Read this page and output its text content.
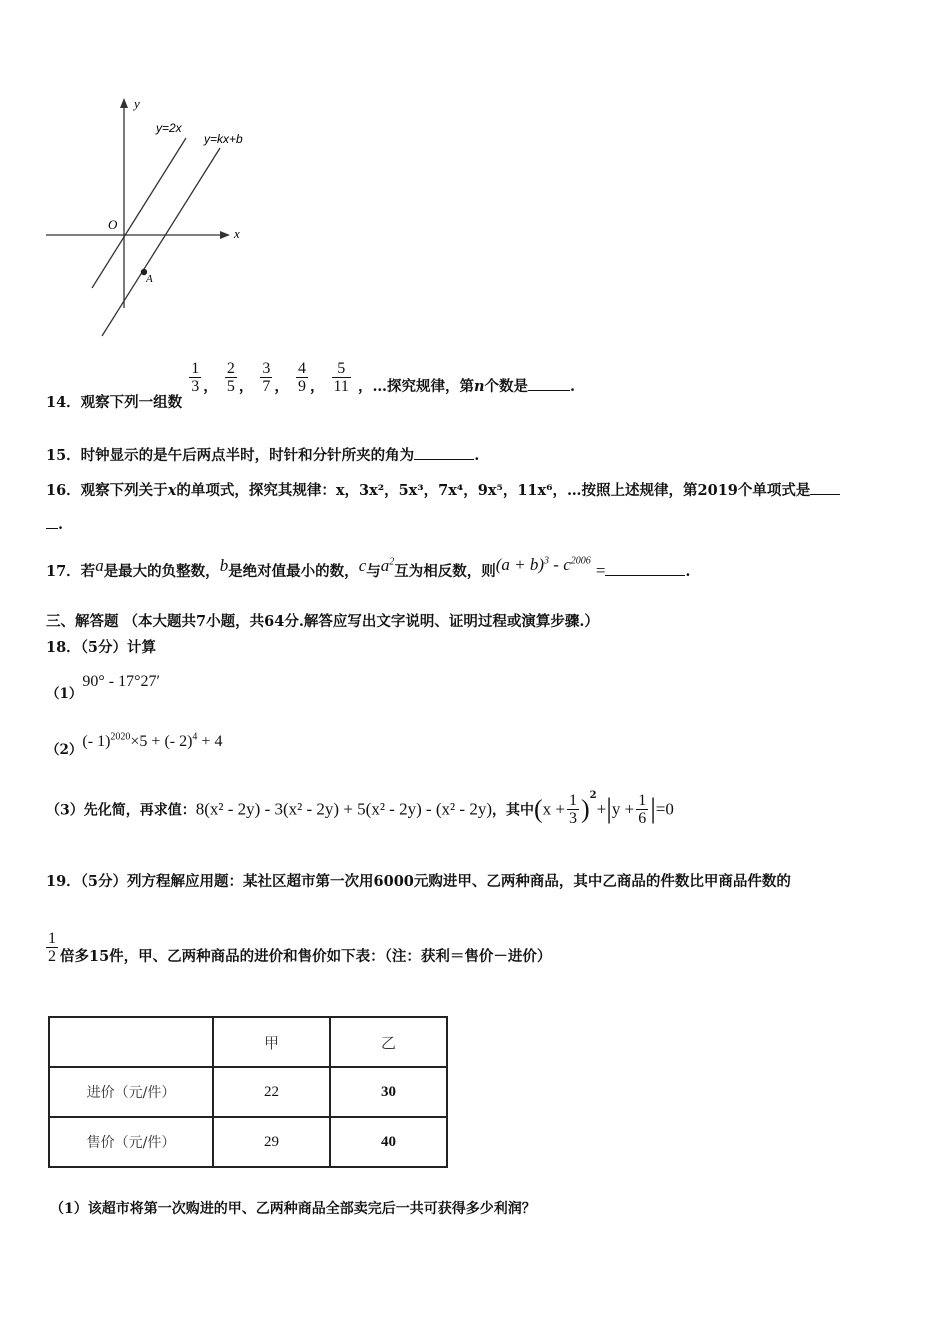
y
x
O
y=2x
y=kx+b
A
14．观察下列一组数
$\frac{1}{3}$ ， $\frac{2}{5}$ ， $\frac{3}{7}$ ， $\frac{4}{9}$ ， $\frac{5}{11}$ ，…探究规律，第n个数是	.
15．时钟显示的是午后两点半时，时针和分针所夹的角为	.
16．观察下列关于x的单项式，探究其规律：x，3x²，5x³，7x⁴，9x⁵，11x⁶，…按照上述规律，第2019个单项式是
.
17．若a是最大的负整数，b是绝对值最小的数，c与$a^2$互为相反数，则$(a + b)^3 - c^{2006}$ =	.
三、解答题 （本大题共7小题，共64分.解答应写出文字说明、证明过程或演算步骤.）
18．（5分）计算
（1）90° - 17°27′
（2）(- 1)$^{2020}$×5 + (- 2)$^4$ + 4
（3）先化简，再求值：8(x² - 2y) - 3(x² - 2y) + 5(x² - 2y) - (x² - 2y)，其中$(x + \frac{1}{3} )^2+|y + \frac{1}{6} |=0$
19．（5分）列方程解应用题：某社区超市第一次用6000元购进甲、乙两种商品，其中乙商品的件数比甲商品件数的
$\frac{1}{2}$ 倍多15件，甲、乙两种商品的进价和售价如下表：（注：获利＝售价－进价）
	甲	乙
进价（元/件）	22	30
售价（元/件）	29	40
（1）该超市将第一次购进的甲、乙两种商品全部卖完后一共可获得多少利润？
